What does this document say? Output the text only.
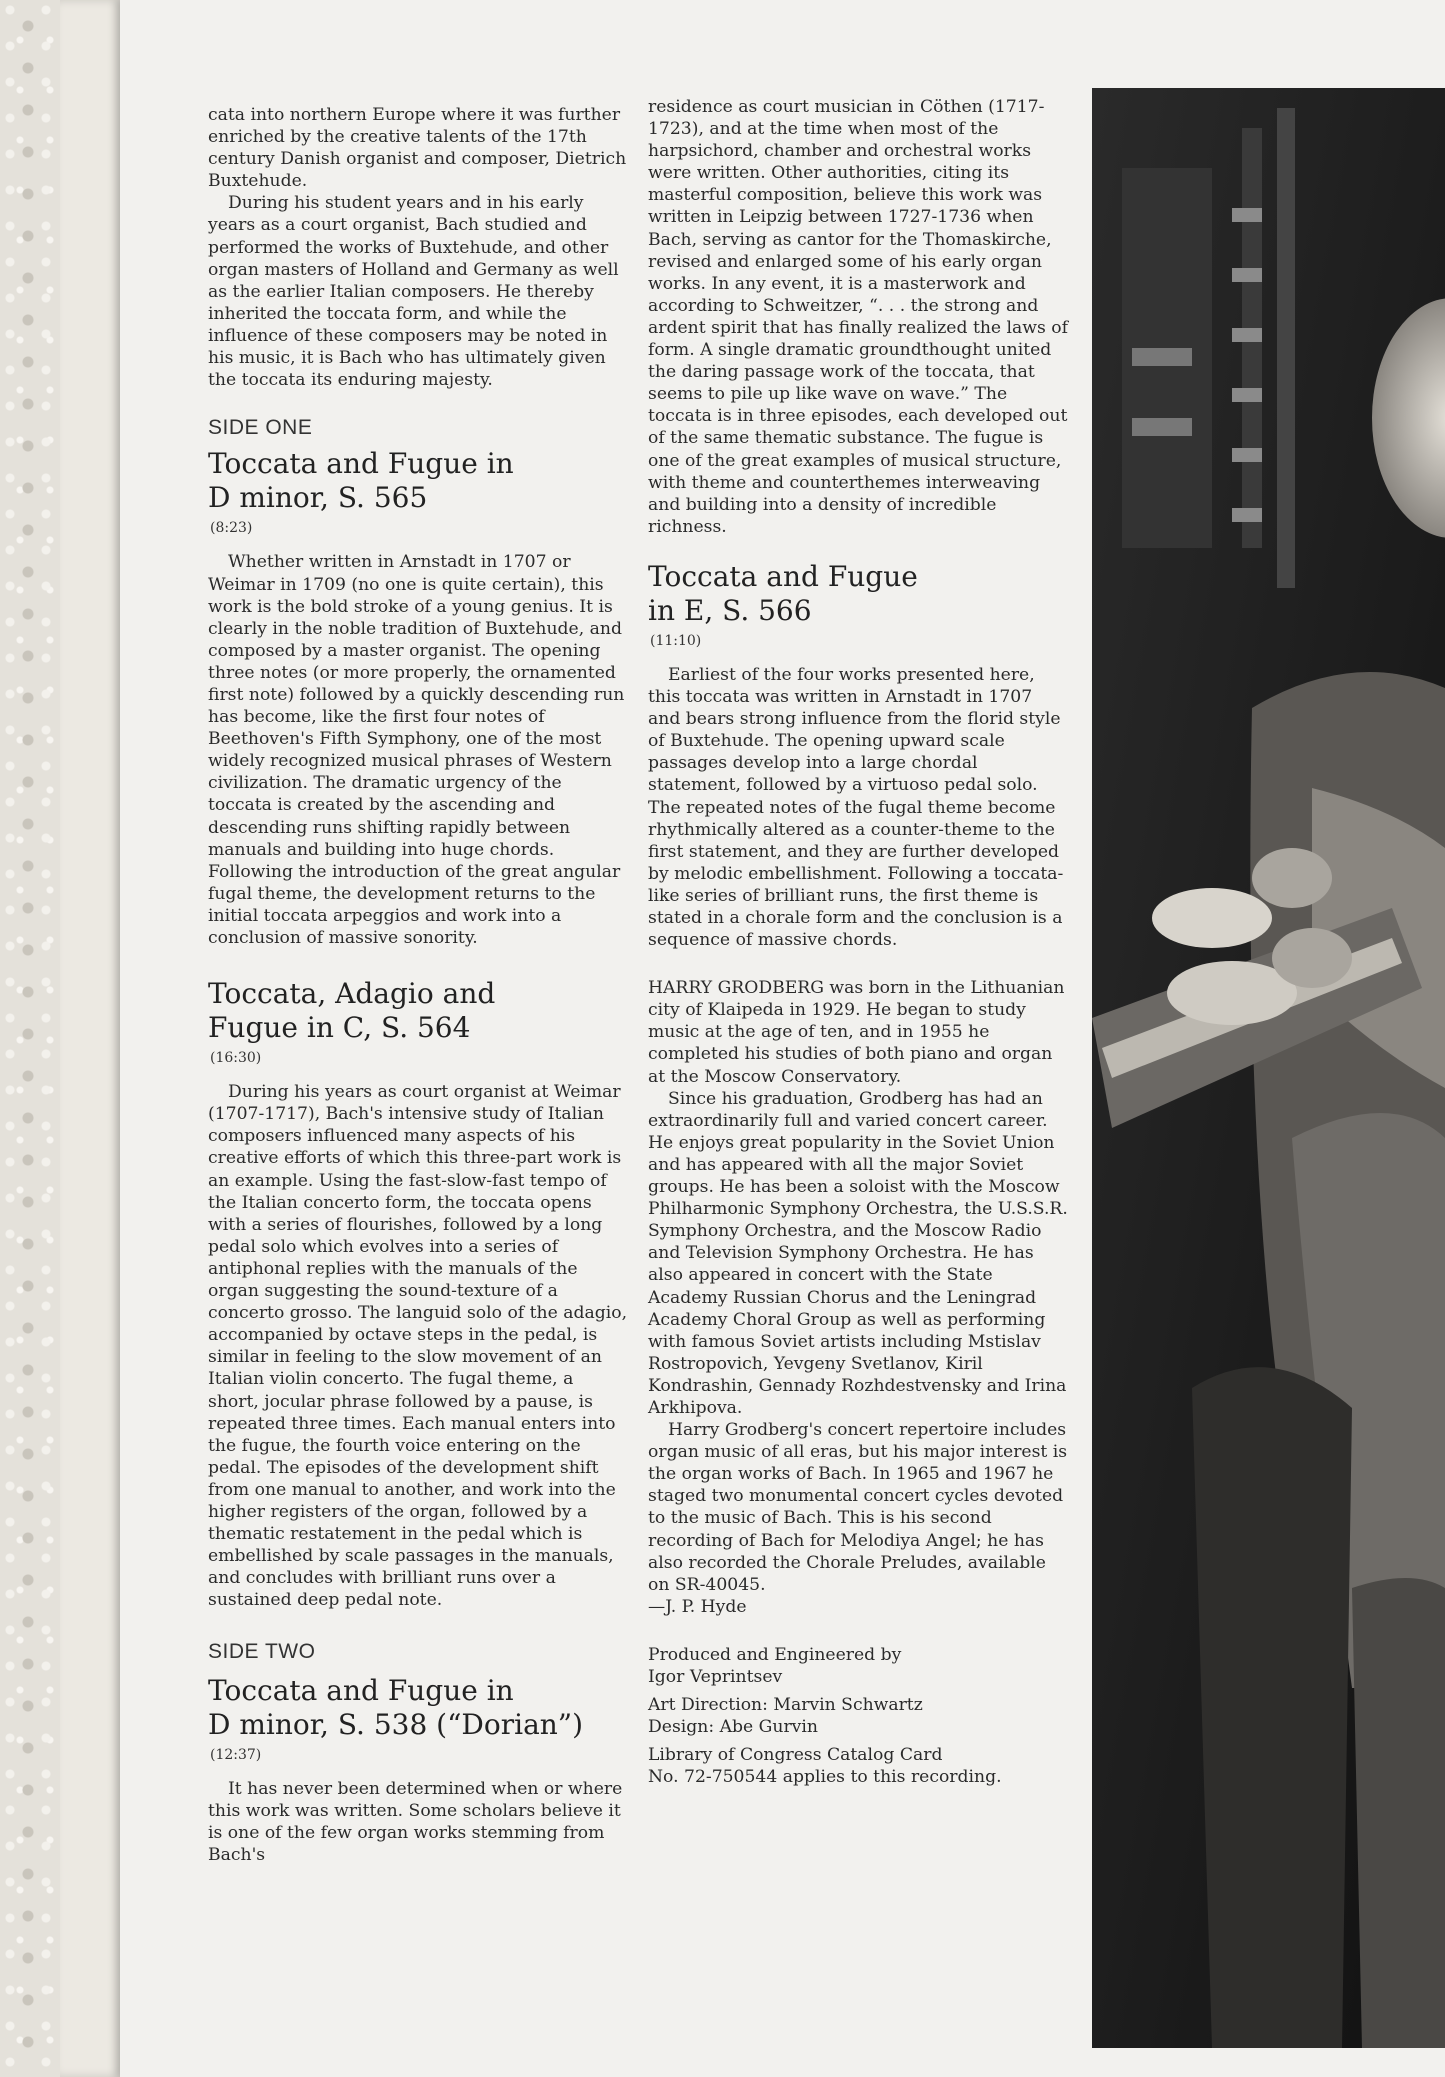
cata into northern Europe where it was further enriched by the creative talents of the 17th century Danish organist and composer, Dietrich Buxtehude.

During his student years and in his early years as a court organist, Bach studied and performed the works of Buxtehude, and other organ masters of Holland and Germany as well as the earlier Italian composers. He thereby inherited the toccata form, and while the influence of these composers may be noted in his music, it is Bach who has ultimately given the toccata its enduring majesty.

SIDE ONE

Toccata and Fugue in
D minor, S. 565
(8:23)

Whether written in Arnstadt in 1707 or Weimar in 1709 (no one is quite certain), this work is the bold stroke of a young genius. It is clearly in the noble tradition of Buxtehude, and composed by a master organist. The opening three notes (or more properly, the ornamented first note) followed by a quickly descending run has become, like the first four notes of Beethoven's Fifth Symphony, one of the most widely recognized musical phrases of Western civilization. The dramatic urgency of the toccata is created by the ascending and descending runs shifting rapidly between manuals and building into huge chords. Following the introduction of the great angular fugal theme, the development returns to the initial toccata arpeggios and work into a conclusion of massive sonority.

Toccata, Adagio and
Fugue in C, S. 564
(16:30)

During his years as court organist at Weimar (1707-1717), Bach's intensive study of Italian composers influenced many aspects of his creative efforts of which this three-part work is an example. Using the fast-slow-fast tempo of the Italian concerto form, the toccata opens with a series of flourishes, followed by a long pedal solo which evolves into a series of antiphonal replies with the manuals of the organ suggesting the sound-texture of a concerto grosso. The languid solo of the adagio, accompanied by octave steps in the pedal, is similar in feeling to the slow movement of an Italian violin concerto. The fugal theme, a short, jocular phrase followed by a pause, is repeated three times. Each manual enters into the fugue, the fourth voice entering on the pedal. The episodes of the development shift from one manual to another, and work into the higher registers of the organ, followed by a thematic restatement in the pedal which is embellished by scale passages in the manuals, and concludes with brilliant runs over a sustained deep pedal note.

SIDE TWO

Toccata and Fugue in
D minor, S. 538 (“Dorian”)
(12:37)

It has never been determined when or where this work was written. Some scholars believe it is one of the few organ works stemming from Bach's

residence as court musician in Cöthen (1717-1723), and at the time when most of the harpsichord, chamber and orchestral works were written. Other authorities, citing its masterful composition, believe this work was written in Leipzig between 1727-1736 when Bach, serving as cantor for the Thomaskirche, revised and enlarged some of his early organ works. In any event, it is a masterwork and according to Schweitzer, “. . . the strong and ardent spirit that has finally realized the laws of form. A single dramatic groundthought united the daring passage work of the toccata, that seems to pile up like wave on wave.” The toccata is in three episodes, each developed out of the same thematic substance. The fugue is one of the great examples of musical structure, with theme and counterthemes interweaving and building into a density of incredible richness.

Toccata and Fugue
in E, S. 566
(11:10)

Earliest of the four works presented here, this toccata was written in Arnstadt in 1707 and bears strong influence from the florid style of Buxtehude. The opening upward scale passages develop into a large chordal statement, followed by a virtuoso pedal solo. The repeated notes of the fugal theme become rhythmically altered as a counter-theme to the first statement, and they are further developed by melodic embellishment. Following a toccata-like series of brilliant runs, the first theme is stated in a chorale form and the conclusion is a sequence of massive chords.

HARRY GRODBERG was born in the Lithuanian city of Klaipeda in 1929. He began to study music at the age of ten, and in 1955 he completed his studies of both piano and organ at the Moscow Conservatory.

Since his graduation, Grodberg has had an extraordinarily full and varied concert career. He enjoys great popularity in the Soviet Union and has appeared with all the major Soviet groups. He has been a soloist with the Moscow Philharmonic Symphony Orchestra, the U.S.S.R. Symphony Orchestra, and the Moscow Radio and Television Symphony Orchestra. He has also appeared in concert with the State Academy Russian Chorus and the Leningrad Academy Choral Group as well as performing with famous Soviet artists including Mstislav Rostropovich, Yevgeny Svetlanov, Kiril Kondrashin, Gennady Rozhdestvensky and Irina Arkhipova.

Harry Grodberg's concert repertoire includes organ music of all eras, but his major interest is the organ works of Bach. In 1965 and 1967 he staged two monumental concert cycles devoted to the music of Bach. This is his second recording of Bach for Melodiya Angel; he has also recorded the Chorale Preludes, available on SR-40045.

—J. P. Hyde

Produced and Engineered by

Igor Veprintsev

Art Direction: Marvin Schwartz

Design: Abe Gurvin

Library of Congress Catalog Card

No. 72-750544 applies to this recording.
